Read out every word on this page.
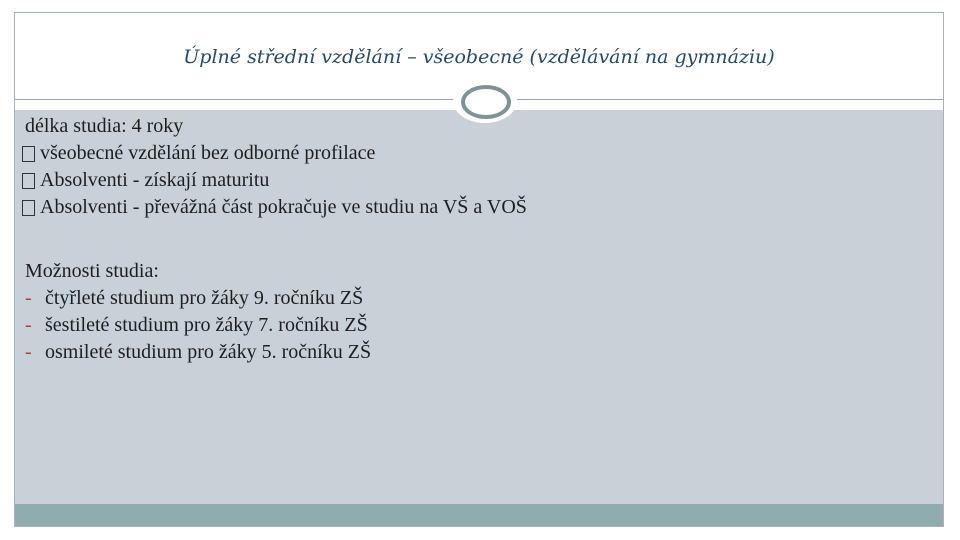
Úplné střední vzdělání – všeobecné (vzdělávání na gymnáziu)
délka studia: 4 roky
všeobecné vzdělání bez odborné profilace
Absolventi - získají maturitu
Absolventi - převážná část pokračuje ve studiu na VŠ a VOŠ
Možnosti studia:
- čtyřleté studium pro žáky 9. ročníku ZŠ
- šestileté studium pro žáky 7. ročníku ZŠ
- osmileté studium pro žáky 5. ročníku ZŠ
